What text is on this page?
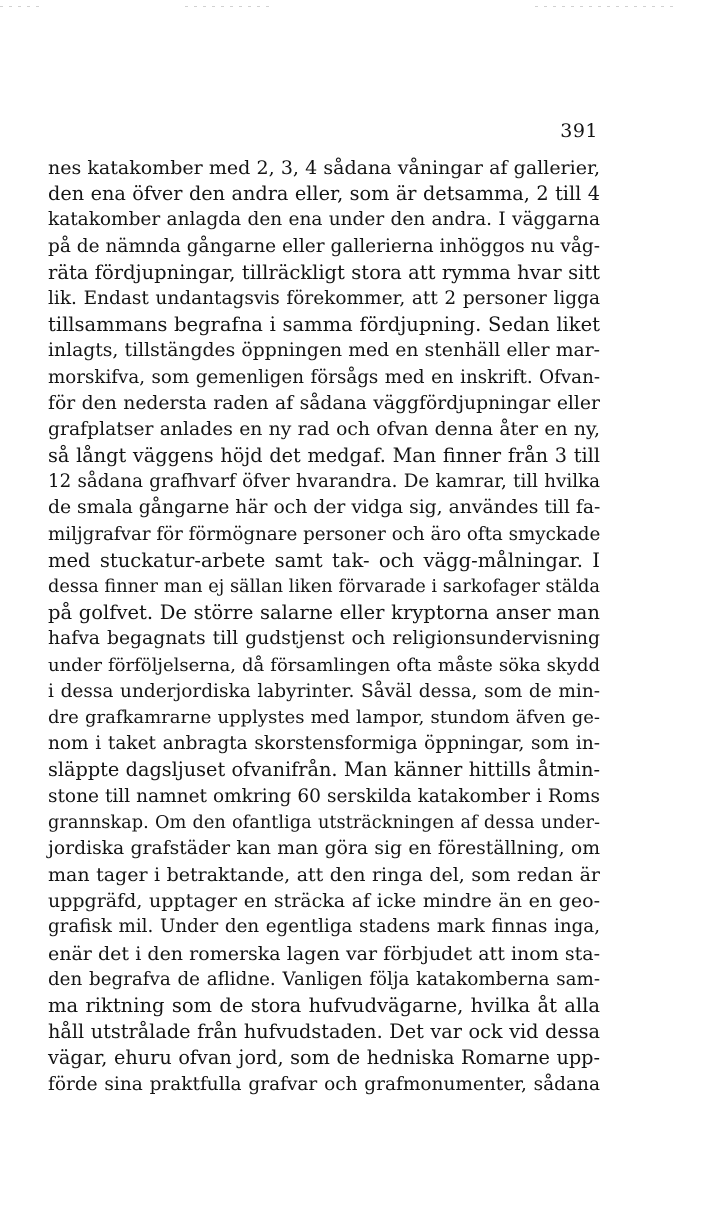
391
nes katakomber med 2, 3, 4 sådana våningar af gallerier,
den ena öfver den andra eller, som är detsamma, 2 till 4
katakomber anlagda den ena under den andra. I väggarna
på de nämnda gångarne eller gallerierna inhöggos nu våg-
räta fördjupningar, tillräckligt stora att rymma hvar sitt
lik. Endast undantagsvis förekommer, att 2 personer ligga
tillsammans begrafna i samma fördjupning. Sedan liket
inlagts, tillstängdes öppningen med en stenhäll eller mar-
morskifva, som gemenligen försågs med en inskrift. Ofvan-
för den nedersta raden af sådana väggfördjupningar eller
grafplatser anlades en ny rad och ofvan denna åter en ny,
så långt väggens höjd det medgaf. Man finner från 3 till
12 sådana grafhvarf öfver hvarandra. De kamrar, till hvilka
de smala gångarne här och der vidga sig, användes till fa-
miljgrafvar för förmögnare personer och äro ofta smyckade
med stuckatur-arbete samt tak- och vägg-målningar. I
dessa finner man ej sällan liken förvarade i sarkofager stälda
på golfvet. De större salarne eller kryptorna anser man
hafva begagnats till gudstjenst och religionsundervisning
under förföljelserna, då församlingen ofta måste söka skydd
i dessa underjordiska labyrinter. Såväl dessa, som de min-
dre grafkamrarne upplystes med lampor, stundom äfven ge-
nom i taket anbragta skorstensformiga öppningar, som in-
släppte dagsljuset ofvanifrån. Man känner hittills åtmin-
stone till namnet omkring 60 serskilda katakomber i Roms
grannskap. Om den ofantliga utsträckningen af dessa under-
jordiska grafstäder kan man göra sig en föreställning, om
man tager i betraktande, att den ringa del, som redan är
uppgräfd, upptager en sträcka af icke mindre än en geo-
grafisk mil. Under den egentliga stadens mark finnas inga,
enär det i den romerska lagen var förbjudet att inom sta-
den begrafva de aflidne. Vanligen följa katakomberna sam-
ma riktning som de stora hufvudvägarne, hvilka åt alla
håll utstrålade från hufvudstaden. Det var ock vid dessa
vägar, ehuru ofvan jord, som de hedniska Romarne upp-
förde sina praktfulla grafvar och grafmonumenter, sådana
